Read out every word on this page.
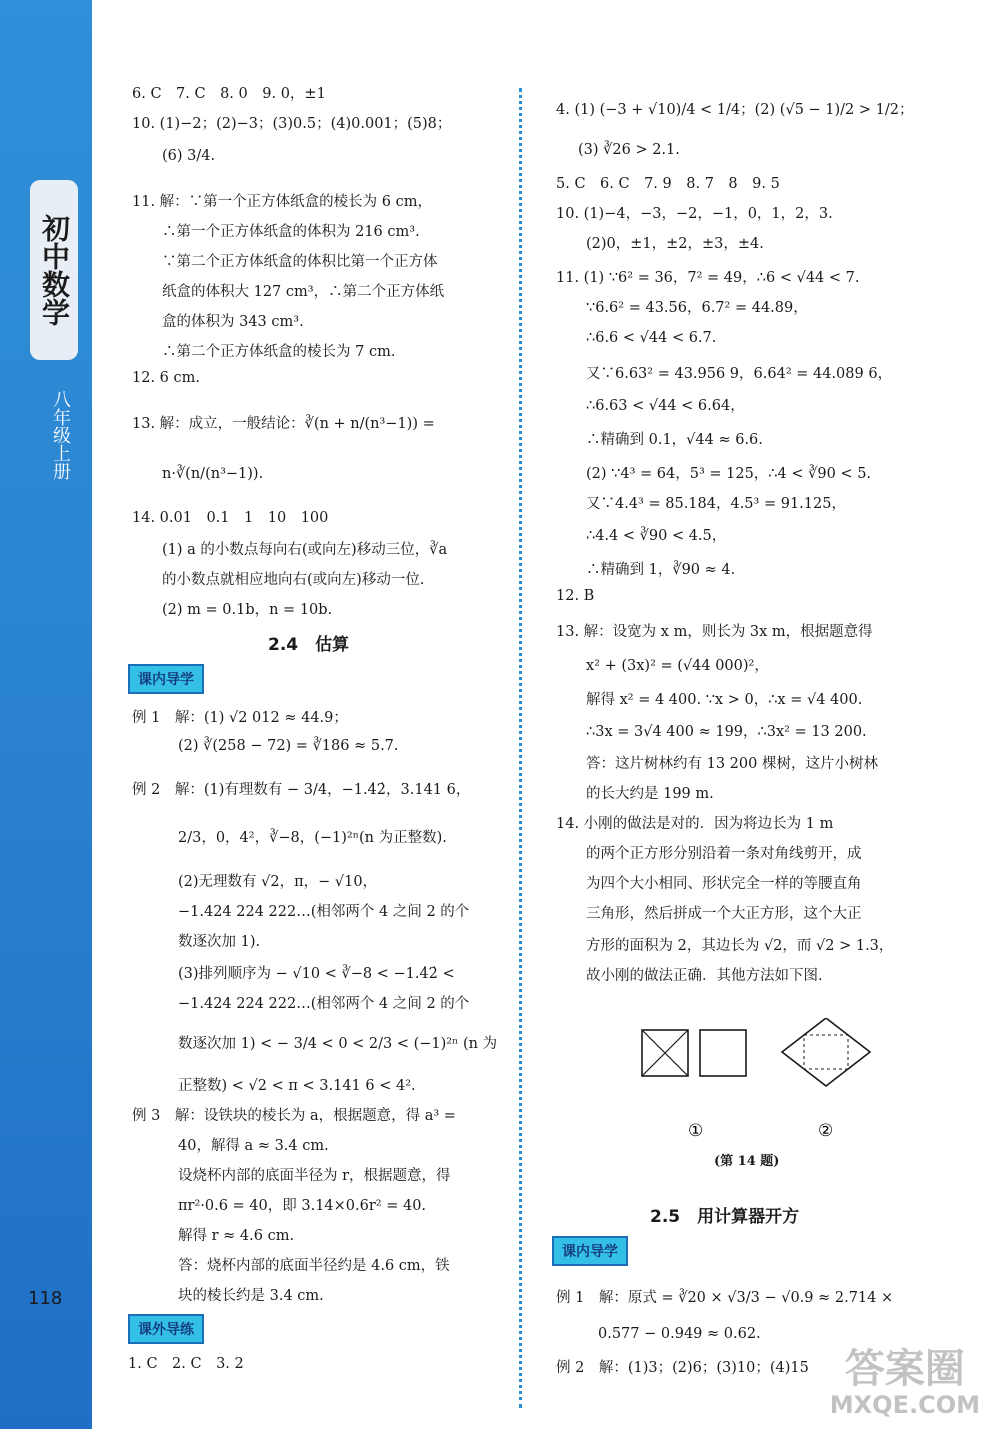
初中数学
八年级上册
118
2.4　估算
课内导学
课外导练
2.5　用计算器开方
课内导学
①	②
(第 14 题)
6. C　7. C　8. 0　9. 0，±1
10. (1)−2；(2)−3；(3)0.5；(4)0.001；(5)8；
(6) 3/4.
11. 解：∵第一个正方体纸盒的棱长为 6 cm，
∴第一个正方体纸盒的体积为 216 cm³.
∵第二个正方体纸盒的体积比第一个正方体
纸盒的体积大 127 cm³，∴第二个正方体纸
盒的体积为 343 cm³.
∴第二个正方体纸盒的棱长为 7 cm.
12. 6 cm.
13. 解：成立，一般结论：∛(n + n/(n³−1)) =
n·∛(n/(n³−1)).
14. 0.01　0.1　1　10　100
(1) a 的小数点每向右(或向左)移动三位，∛a
的小数点就相应地向右(或向左)移动一位.
(2) m = 0.1b，n = 10b.
例 1　解：(1) √2 012 ≈ 44.9；
(2) ∛(258 − 72) = ∛186 ≈ 5.7.
例 2　解：(1)有理数有 − 3/4，−1.4̇2̇，3.141 6，
2/3，0，4²，∛−8，(−1)²ⁿ(n 为正整数).
(2)无理数有 √2，π，− √10，
−1.424 224 222…(相邻两个 4 之间 2 的个
数逐次加 1).
(3)排列顺序为 − √10 < ∛−8 < −1.4̇2̇ <
−1.424 224 222…(相邻两个 4 之间 2 的个
数逐次加 1) < − 3/4 < 0 < 2/3 < (−1)²ⁿ (n 为
正整数) < √2 < π < 3.141 6 < 4².
例 3　解：设铁块的棱长为 a，根据题意，得 a³ =
40，解得 a ≈ 3.4 cm.
设烧杯内部的底面半径为 r，根据题意，得
πr²·0.6 = 40，即 3.14×0.6r² = 40.
解得 r ≈ 4.6 cm.
答：烧杯内部的底面半径约是 4.6 cm，铁
块的棱长约是 3.4 cm.
1. C　2. C　3. 2
4. (1) (−3 + √10)/4 < 1/4；(2) (√5 − 1)/2 > 1/2；
(3) ∛26 > 2.1.
5. C　6. C　7. 9　8. 7　8　9. 5
10. (1)−4，−3，−2，−1，0，1，2，3.
(2)0，±1，±2，±3，±4.
11. (1) ∵6² = 36，7² = 49，∴6 < √44 < 7.
∵6.6² = 43.56，6.7² = 44.89，
∴6.6 < √44 < 6.7.
又∵6.63² = 43.956 9，6.64² = 44.089 6，
∴6.63 < √44 < 6.64，
∴精确到 0.1，√44 ≈ 6.6.
(2) ∵4³ = 64，5³ = 125，∴4 < ∛90 < 5.
又∵4.4³ = 85.184，4.5³ = 91.125，
∴4.4 < ∛90 < 4.5，
∴精确到 1，∛90 ≈ 4.
12. B
13. 解：设宽为 x m，则长为 3x m，根据题意得
x² + (3x)² = (√44 000)²，
解得 x² = 4 400. ∵x > 0，∴x = √4 400.
∴3x = 3√4 400 ≈ 199，∴3x² = 13 200.
答：这片树林约有 13 200 棵树，这片小树林
的长大约是 199 m.
14. 小刚的做法是对的．因为将边长为 1 m
的两个正方形分别沿着一条对角线剪开，成
为四个大小相同、形状完全一样的等腰直角
三角形，然后拼成一个大正方形，这个大正
方形的面积为 2，其边长为 √2，而 √2 > 1.3，
故小刚的做法正确．其他方法如下图.
例 1　解：原式 = ∛20 × √3/3 − √0.9 ≈ 2.714 ×
0.577 − 0.949 ≈ 0.62.
例 2　解：(1)3；(2)6；(3)10；(4)15 答案圈
MXQE.COM
